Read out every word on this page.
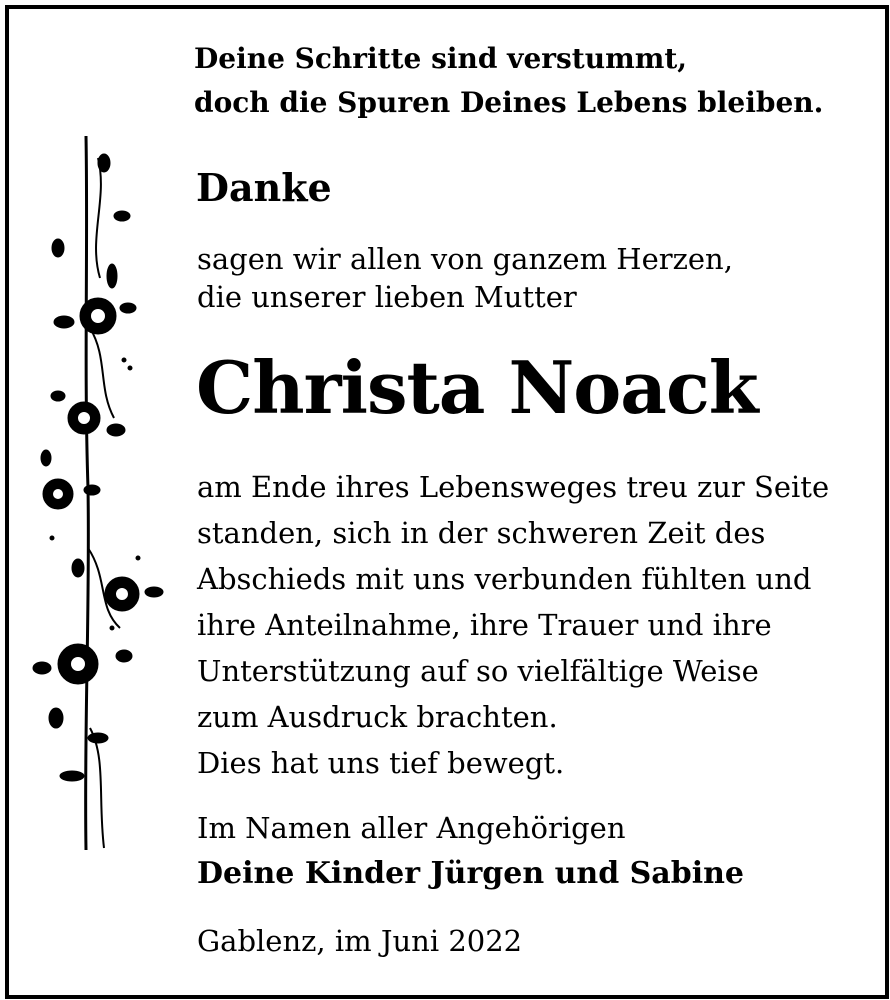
Deine Schritte sind verstummt,
doch die Spuren Deines Lebens bleiben.
Danke
sagen wir allen von ganzem Herzen,
die unserer lieben Mutter
Christa Noack
am Ende ihres Lebensweges treu zur Seite
standen, sich in der schweren Zeit des
Abschieds mit uns verbunden fühlten und
ihre Anteilnahme, ihre Trauer und ihre
Unterstützung auf so vielfältige Weise
zum Ausdruck brachten.
Dies hat uns tief bewegt.
Im Namen aller Angehörigen
Deine Kinder Jürgen und Sabine
Gablenz, im Juni 2022
